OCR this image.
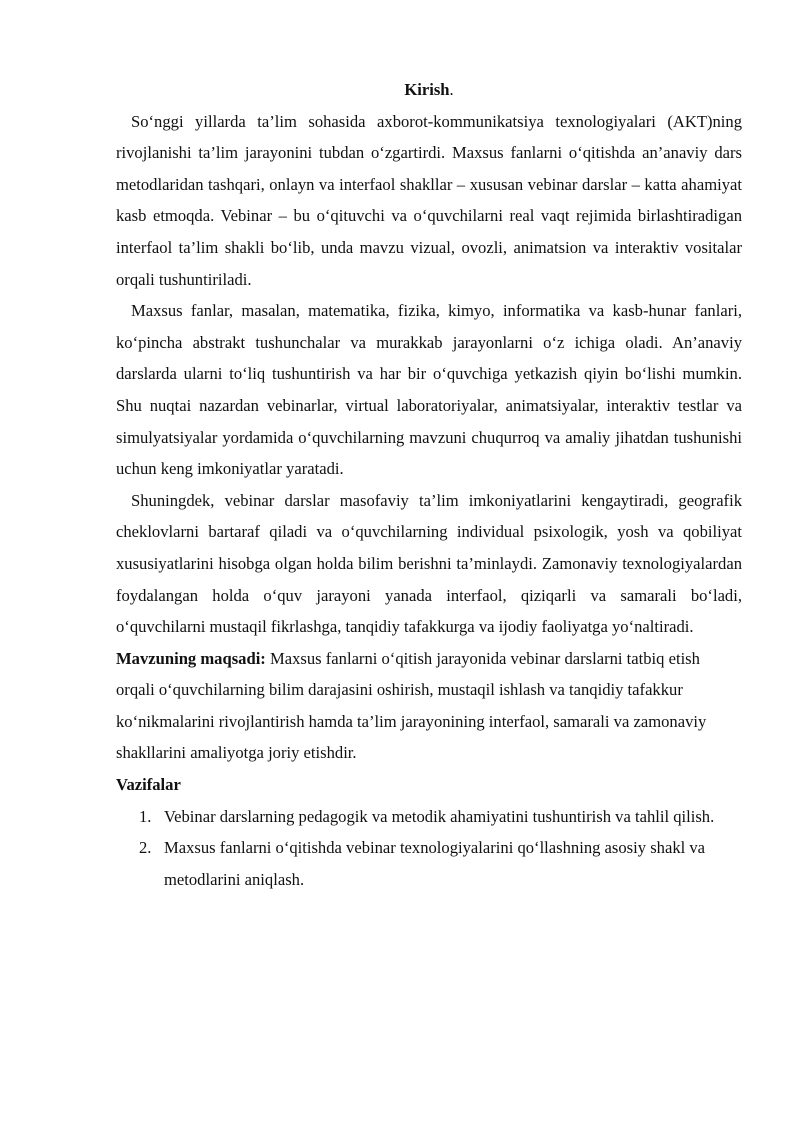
Kirish.

So‘nggi yillarda ta’lim sohasida axborot-kommunikatsiya texnologiyalari (AKT)ning rivojlanishi ta’lim jarayonini tubdan o‘zgartirdi. Maxsus fanlarni o‘qitishda an’anaviy dars metodlaridan tashqari, onlayn va interfaol shakllar – xususan vebinar darslar – katta ahamiyat kasb etmoqda. Vebinar – bu o‘qituvchi va o‘quvchilarni real vaqt rejimida birlashtiradigan interfaol ta’lim shakli bo‘lib, unda mavzu vizual, ovozli, animatsion va interaktiv vositalar orqali tushuntiriladi.

Maxsus fanlar, masalan, matematika, fizika, kimyo, informatika va kasb-hunar fanlari, ko‘pincha abstrakt tushunchalar va murakkab jarayonlarni o‘z ichiga oladi. An’anaviy darslarda ularni to‘liq tushuntirish va har bir o‘quvchiga yetkazish qiyin bo‘lishi mumkin. Shu nuqtai nazardan vebinarlar, virtual laboratoriyalar, animatsiyalar, interaktiv testlar va simulyatsiyalar yordamida o‘quvchilarning mavzuni chuqurroq va amaliy jihatdan tushunishi uchun keng imkoniyatlar yaratadi.

Shuningdek, vebinar darslar masofaviy ta’lim imkoniyatlarini kengaytiradi, geografik cheklovlarni bartaraf qiladi va o‘quvchilarning individual psixologik, yosh va qobiliyat xususiyatlarini hisobga olgan holda bilim berishni ta’minlaydi. Zamonaviy texnologiyalardan foydalangan holda o‘quv jarayoni yanada interfaol, qiziqarli va samarali bo‘ladi, o‘quvchilarni mustaqil fikrlashga, tanqidiy tafakkurga va ijodiy faoliyatga yo‘naltiradi.

Mavzuning maqsadi: Maxsus fanlarni o‘qitish jarayonida vebinar darslarni tatbiq etish orqali o‘quvchilarning bilim darajasini oshirish, mustaqil ishlash va tanqidiy tafakkur ko‘nikmalarini rivojlantirish hamda ta’lim jarayonining interfaol, samarali va zamonaviy shakllarini amaliyotga joriy etishdir.

Vazifalar

1. Vebinar darslarning pedagogik va metodik ahamiyatini tushuntirish va tahlil qilish.
2. Maxsus fanlarni o‘qitishda vebinar texnologiyalarini qo‘llashning asosiy shakl va metodlarini aniqlash.
